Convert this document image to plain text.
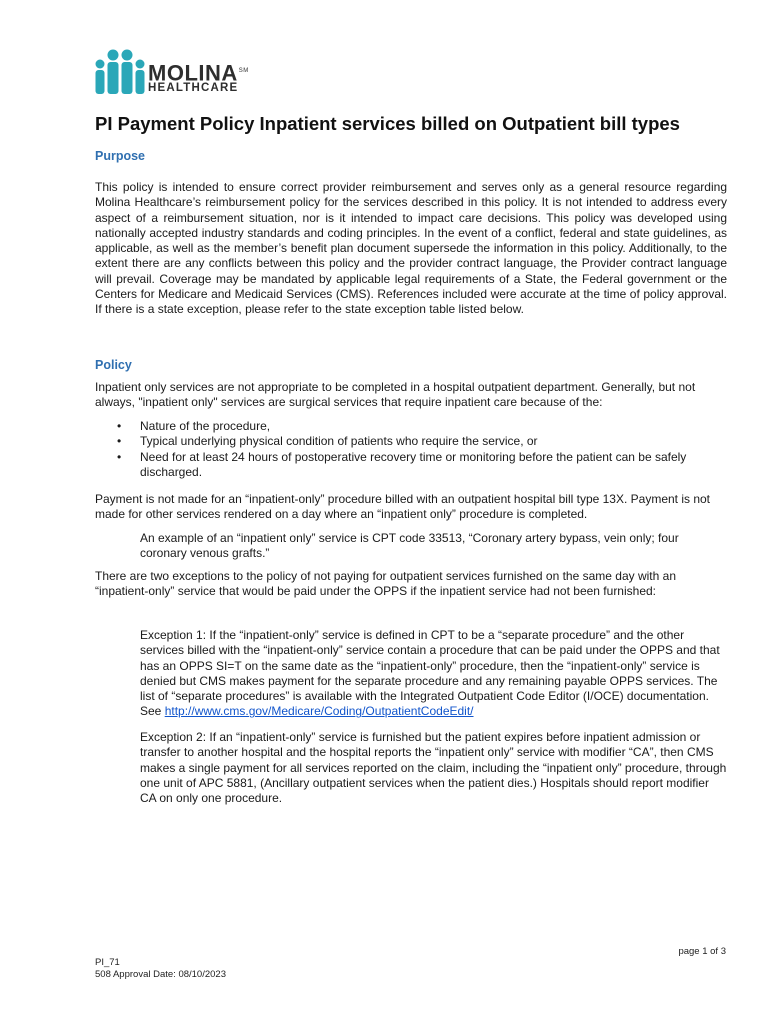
MOLINA℠
HEALTHCARE
PI Payment Policy Inpatient services billed on Outpatient bill types
Purpose

This policy is intended to ensure correct provider reimbursement and serves only as a general resource regarding Molina Healthcare’s reimbursement policy for the services described in this policy. It is not intended to address every aspect of a reimbursement situation, nor is it intended to impact care decisions. This policy was developed using nationally accepted industry standards and coding principles. In the event of a conflict, federal and state guidelines, as applicable, as well as the member’s benefit plan document supersede the information in this policy. Additionally, to the extent there are any conflicts between this policy and the provider contract language, the Provider contract language will prevail. Coverage may be mandated by applicable legal requirements of a State, the Federal government or the Centers for Medicare and Medicaid Services (CMS). References included were accurate at the time of policy approval. If there is a state exception, please refer to the state exception table listed below.

Policy

Inpatient only services are not appropriate to be completed in a hospital outpatient department. Generally, but not always, "inpatient only" services are surgical services that require inpatient care because of the:

• Nature of the procedure,
• Typical underlying physical condition of patients who require the service, or
• Need for at least 24 hours of postoperative recovery time or monitoring before the patient can be safely discharged.

Payment is not made for an “inpatient-only” procedure billed with an outpatient hospital bill type 13X. Payment is not made for other services rendered on a day where an “inpatient only” procedure is completed.

An example of an “inpatient only” service is CPT code 33513, “Coronary artery bypass, vein only; four coronary venous grafts.”

There are two exceptions to the policy of not paying for outpatient services furnished on the same day with an “inpatient-only” service that would be paid under the OPPS if the inpatient service had not been furnished:

Exception 1: If the “inpatient-only” service is defined in CPT to be a “separate procedure” and the other services billed with the “inpatient-only” service contain a procedure that can be paid under the OPPS and that has an OPPS SI=T on the same date as the “inpatient-only” procedure, then the “inpatient-only” service is denied but CMS makes payment for the separate procedure and any remaining payable OPPS services. The list of “separate procedures” is available with the Integrated Outpatient Code Editor (I/OCE) documentation. See http://www.cms.gov/Medicare/Coding/OutpatientCodeEdit/

Exception 2: If an “inpatient-only” service is furnished but the patient expires before inpatient admission or transfer to another hospital and the hospital reports the “inpatient only” service with modifier “CA”, then CMS makes a single payment for all services reported on the claim, including the “inpatient only” procedure, through one unit of APC 5881, (Ancillary outpatient services when the patient dies.) Hospitals should report modifier CA on only one procedure.

page 1 of 3
PI_71
508 Approval Date: 08/10/2023
